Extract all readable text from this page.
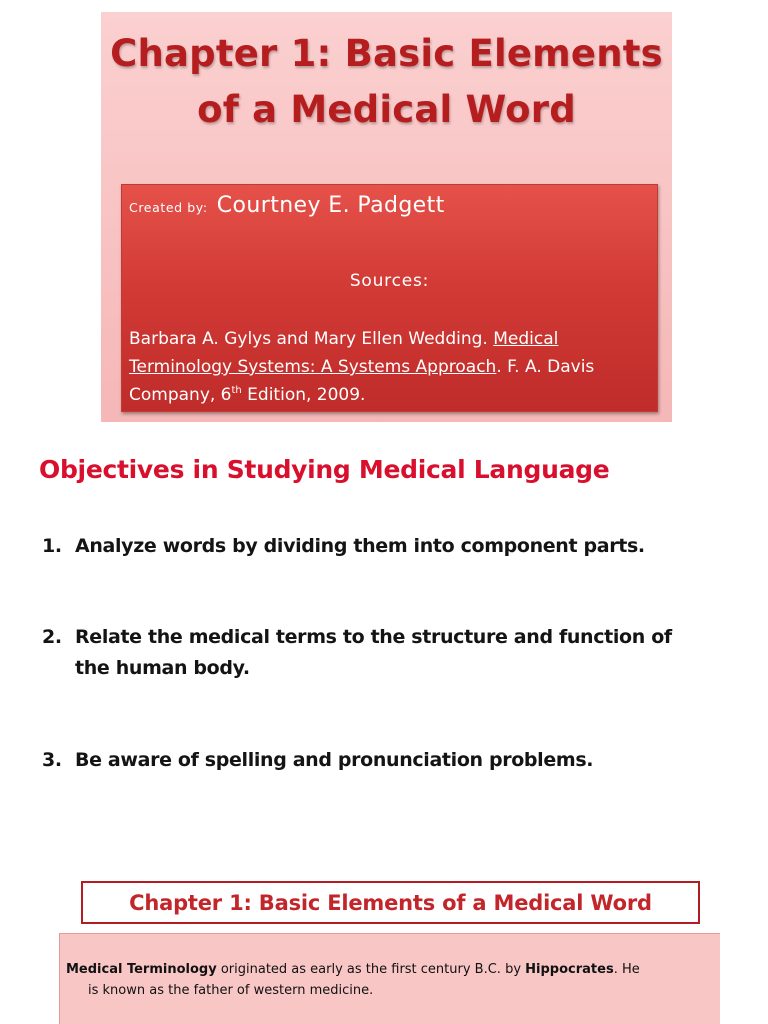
Chapter 1: Basic Elements
of a Medical Word
Created by: Courtney E. Padgett
Sources:
Barbara A. Gylys and Mary Ellen Wedding. Medical
Terminology Systems: A Systems Approach. F. A. Davis
Company, 6th Edition, 2009.
Objectives in Studying Medical Language
1. Analyze words by dividing them into component parts.
2. Relate the medical terms to the structure and function of
the human body.
3. Be aware of spelling and pronunciation problems.
Chapter 1: Basic Elements of a Medical Word
Medical Terminology originated as early as the first century B.C. by Hippocrates. He
is known as the father of western medicine.
